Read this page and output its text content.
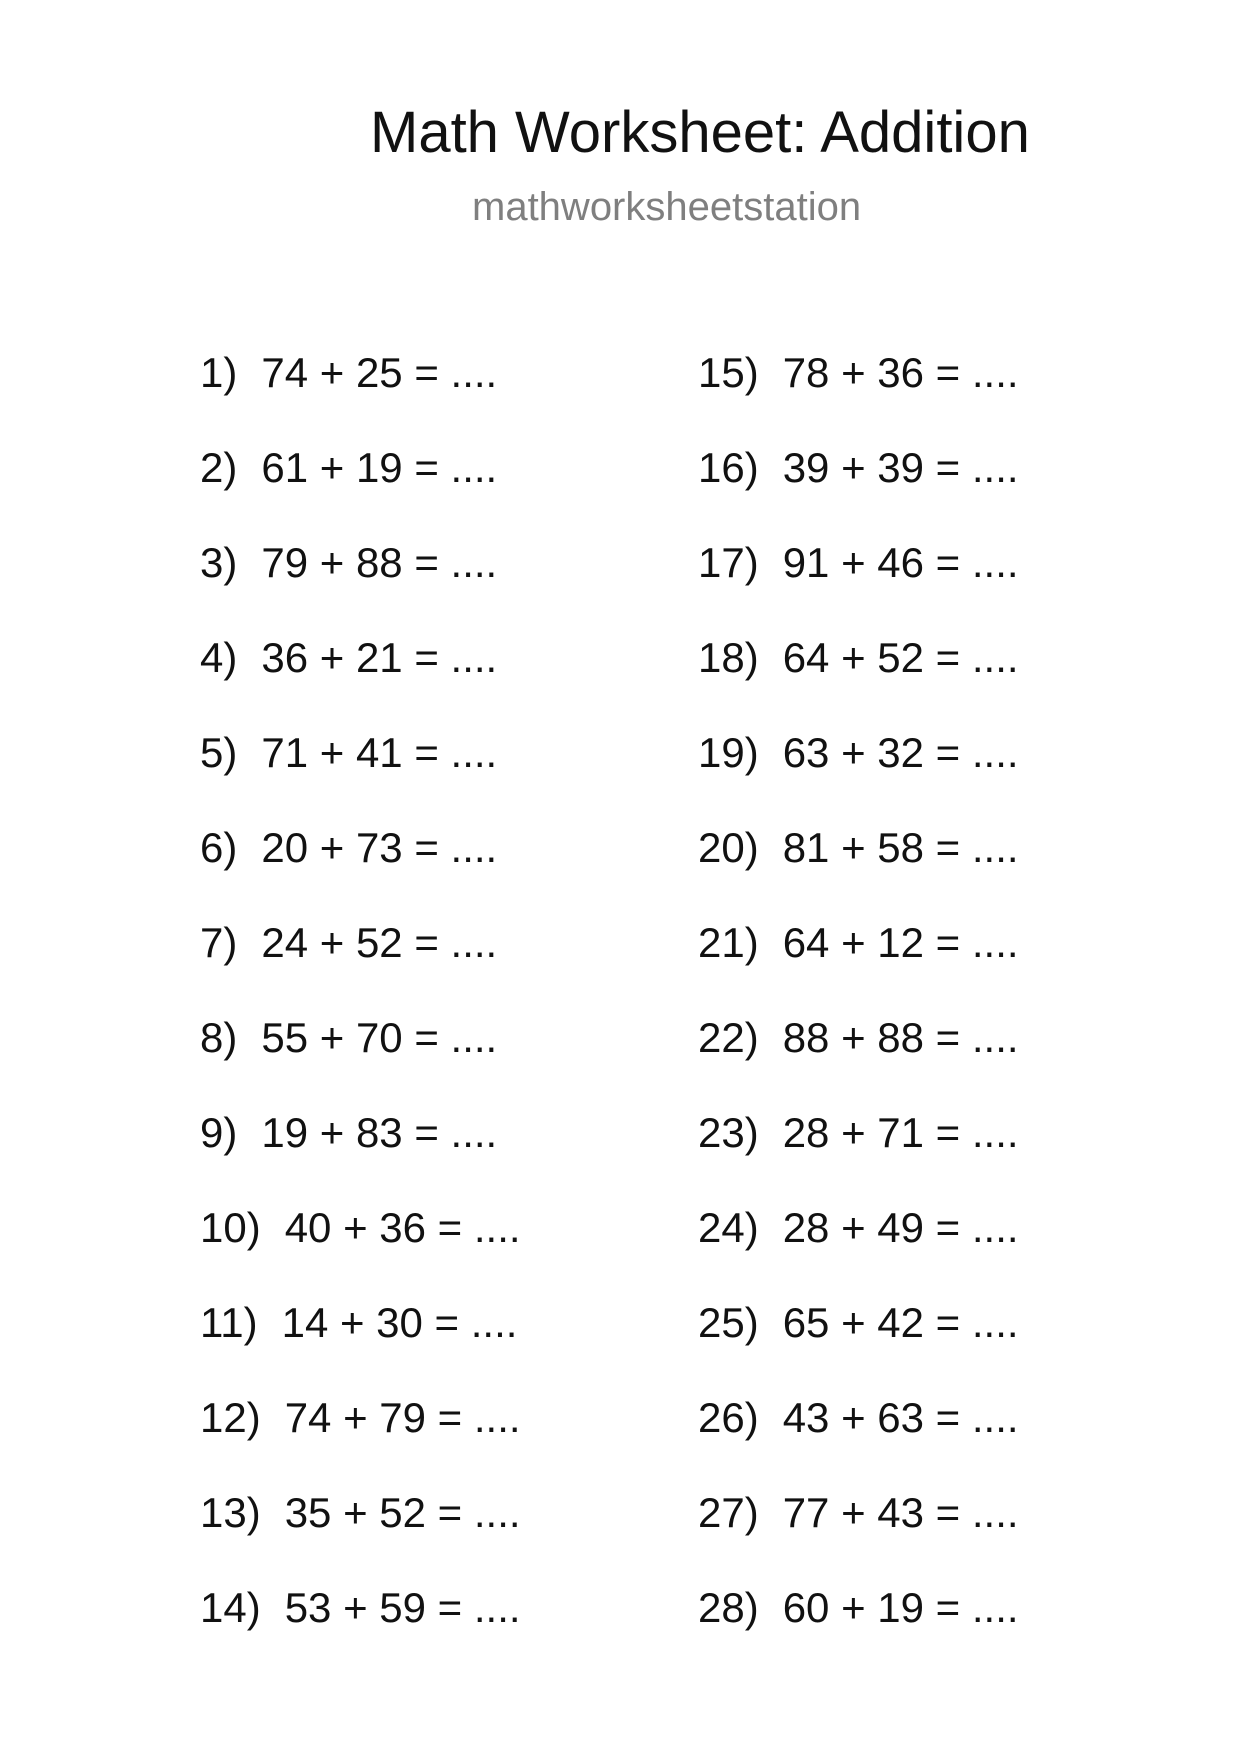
Math Worksheet: Addition
mathworksheetstation
1) 74 + 25 = ....
2) 61 + 19 = ....
3) 79 + 88 = ....
4) 36 + 21 = ....
5) 71 + 41 = ....
6) 20 + 73 = ....
7) 24 + 52 = ....
8) 55 + 70 = ....
9) 19 + 83 = ....
10) 40 + 36 = ....
11) 14 + 30 = ....
12) 74 + 79 = ....
13) 35 + 52 = ....
14) 53 + 59 = ....
15) 78 + 36 = ....
16) 39 + 39 = ....
17) 91 + 46 = ....
18) 64 + 52 = ....
19) 63 + 32 = ....
20) 81 + 58 = ....
21) 64 + 12 = ....
22) 88 + 88 = ....
23) 28 + 71 = ....
24) 28 + 49 = ....
25) 65 + 42 = ....
26) 43 + 63 = ....
27) 77 + 43 = ....
28) 60 + 19 = ....
